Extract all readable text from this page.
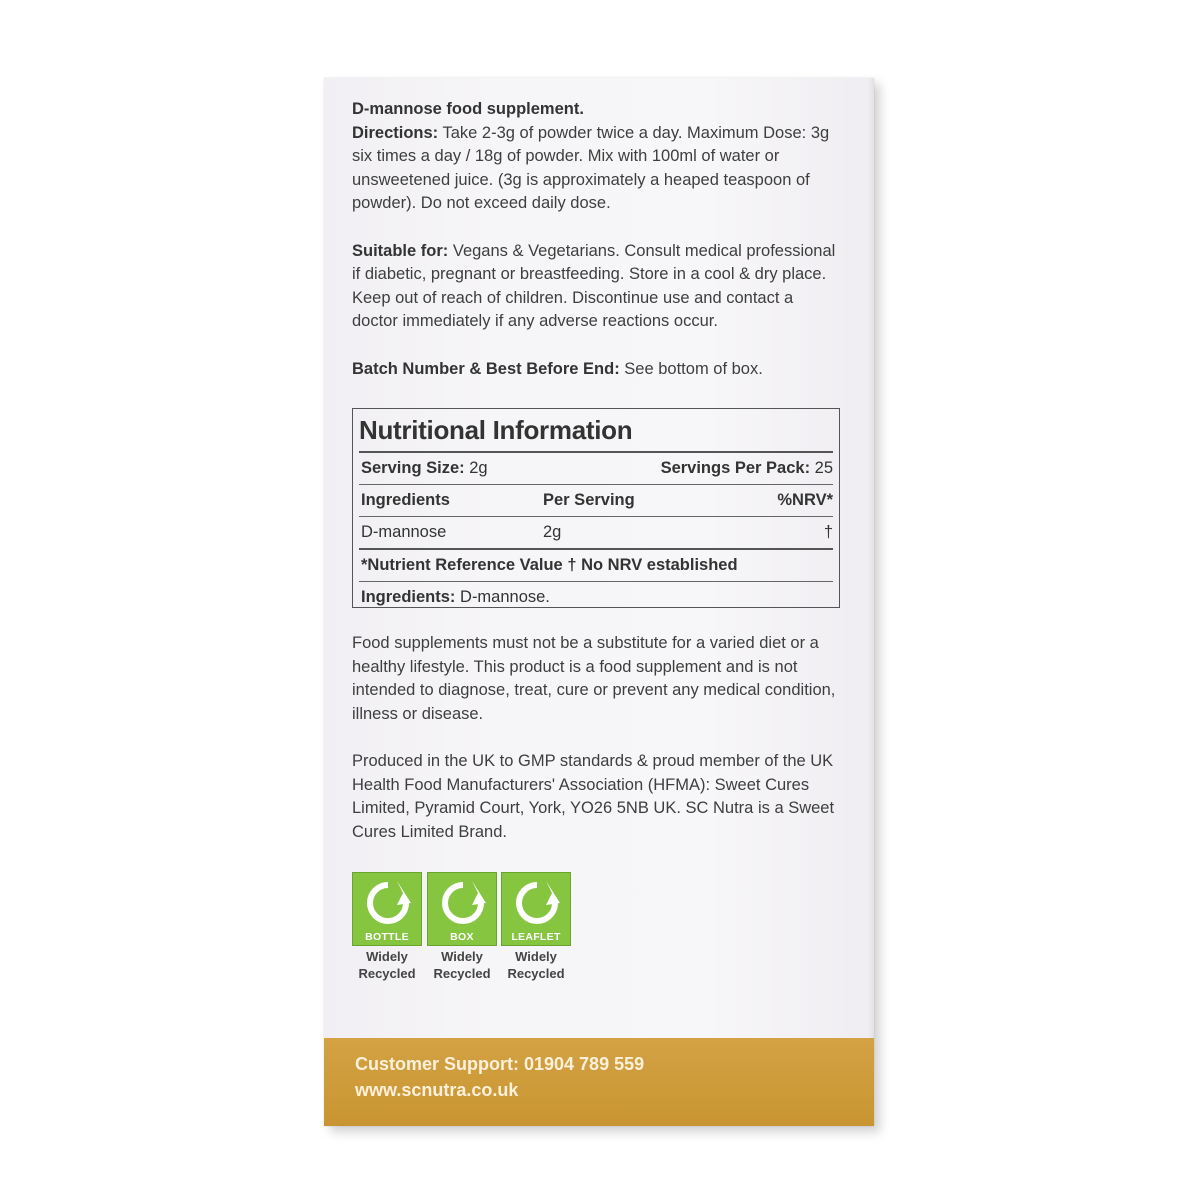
D-mannose food supplement.
Directions: Take 2-3g of powder twice a day. Maximum Dose: 3g six times a day / 18g of powder. Mix with 100ml of water or unsweetened juice. (3g is approximately a heaped teaspoon of powder). Do not exceed daily dose.
Suitable for: Vegans & Vegetarians. Consult medical professional if diabetic, pregnant or breastfeeding. Store in a cool & dry place. Keep out of reach of children. Discontinue use and contact a doctor immediately if any adverse reactions occur.
Batch Number & Best Before End: See bottom of box.
Nutritional Information
Serving Size: 2g	Servings Per Pack: 25
Ingredients	Per Serving	%NRV*
D-mannose	2g	†
*Nutrient Reference Value † No NRV established
Ingredients: D-mannose.
Food supplements must not be a substitute for a varied diet or a healthy lifestyle. This product is a food supplement and is not intended to diagnose, treat, cure or prevent any medical condition, illness or disease.
Produced in the UK to GMP standards & proud member of the UK Health Food Manufacturers' Association (HFMA): Sweet Cures Limited, Pyramid Court, York, YO26 5NB UK. SC Nutra is a Sweet Cures Limited Brand.
BOTTLE
Widely
Recycled
BOX
Widely
Recycled
LEAFLET
Widely
Recycled
Customer Support: 01904 789 559
www.scnutra.co.uk
